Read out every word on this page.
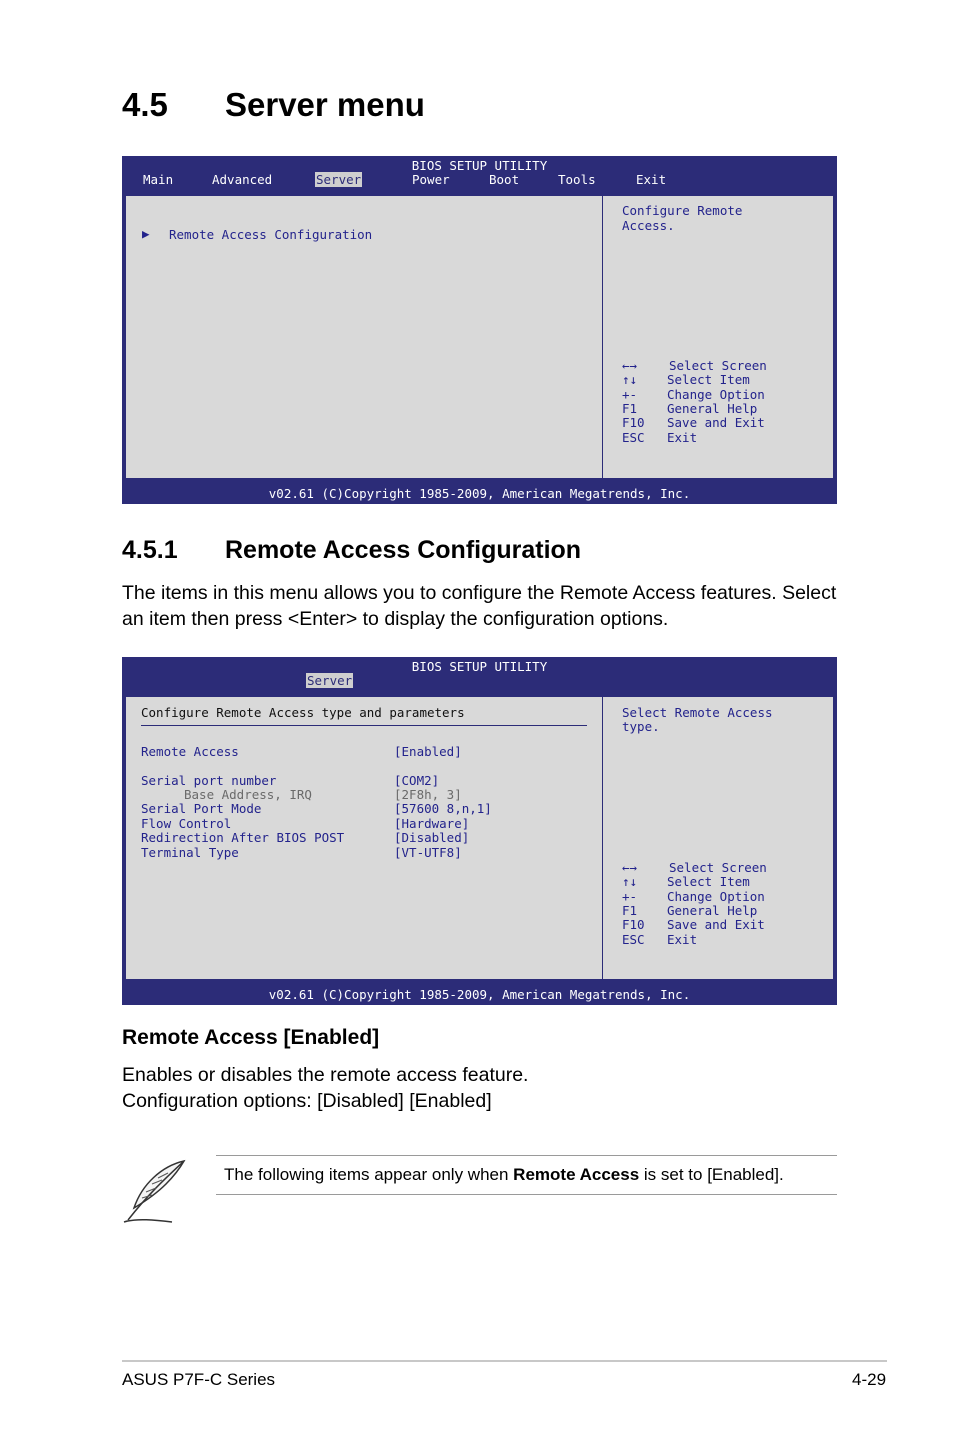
4.5 Server menu
BIOS SETUP UTILITY
Main	Advanced	Server	Power	Boot	Tools	Exit
▶ Remote Access Configuration
Configure Remote
Access.
←→	Select Screen
↑↓ Select Item
+- Change Option
F1 General Help
F10 Save and Exit
ESC Exit
v02.61 (C)Copyright 1985-2009, American Megatrends, Inc.
4.5.1 Remote Access Configuration
The items in this menu allows you to configure the Remote Access features. Select an item then press <Enter> to display the configuration options.
BIOS SETUP UTILITY
Server
Configure Remote Access type and parameters
Remote Access	[Enabled]
Serial port number	[COM2]
Base Address, IRQ	[2F8h, 3]
Serial Port Mode	[57600 8,n,1]
Flow Control	[Hardware]
Redirection After BIOS POST	[Disabled]
Terminal Type	[VT-UTF8]
Select Remote Access
type.
←→	Select Screen
↑↓ Select Item
+- Change Option
F1 General Help
F10 Save and Exit
ESC Exit
v02.61 (C)Copyright 1985-2009, American Megatrends, Inc.
Remote Access [Enabled]
Enables or disables the remote access feature.
Configuration options: [Disabled] [Enabled]
The following items appear only when Remote Access is set to [Enabled].
ASUS P7F-C Series	4-29
